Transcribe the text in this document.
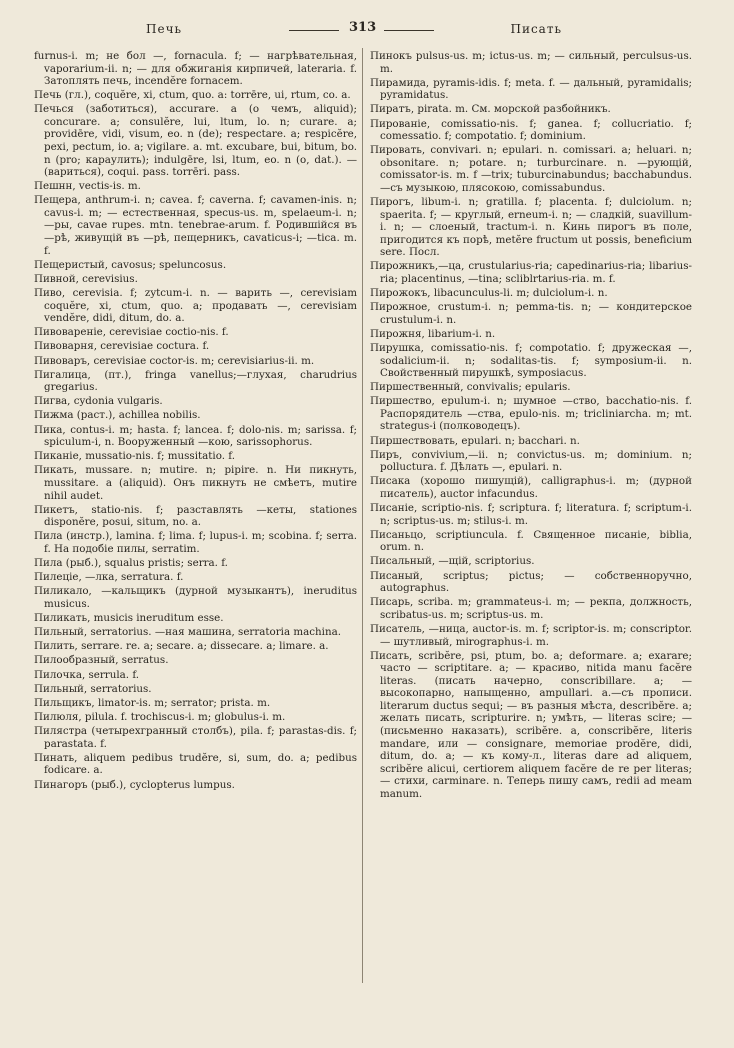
Печь	313	Писать

furnus-i. m; не бол —, fornacula. f; — нагрѣвательная, vaporarium-ii. n; — для обжиганія кирпичей, lateraria. f. Затоплять печь, incendĕre fornacem.

Печь (гл.), coquĕre, xi, ctum, quo. a: torrēre, ui, rtum, co. a.

Печься (заботиться), accurare. a (о чемъ, aliquid); concurare. a; consulĕre, lui, ltum, lo. n; curare. a; providēre, vidi, visum, eo. n (de); respectare. a; respicĕre, pexi, pectum, io. a; vigilare. a. mt. excubare, bui, bitum, bo. n (pro; караулить); indulgēre, lsi, ltum, eo. n (о, dat.). — (вариться), coqui. pass. torrēri. pass.

Пешнн, vectis-is. m.

Пещера, anthrum-i. n; cavea. f; caverna. f; cavamen-inis. n; cavus-i. m; — естественная, specus-us. m, spelaeum-i. n; —ры, cavae rupes. mtn. tenebrae-arum. f. Родившійся въ —рѣ, живущій въ —рѣ, пещерникъ, cavaticus-i; —tica. m. f.

Пещеристый, cavosus; speluncosus.

Пивной, cerevisius.

Пиво, cerevisia. f; zytcum-i. n. — варить —, cerevisiam coquĕre, xi, ctum, quo. a; продавать —, cerevisiam vendĕre, didi, ditum, do. a.

Пивовареніе, cerevisiae coctio-nis. f.

Пивоварня, cerevisiae coctura. f.

Пивоваръ, cerevisiae coctor-is. m; cerevisiarius-ii. m.

Пигалица, (пт.), fringa vanellus;—глухая, charudrius gregarius.

Пигва, cydonia vulgaris.

Пижма (раст.), achillea nobilis.

Пика, contus-i. m; hasta. f; lancea. f; dolo-nis. m; sarissa. f; spiculum-i, n. Вооруженный —кою, sarissophorus.

Пиканіе, mussatio-nis. f; mussitatio. f.

Пикать, mussare. n; mutire. n; pipire. n. Ни пикнуть, mussitare. a (aliquid). Онъ пикнуть не смѣетъ, mutire nihil audet.

Пикетъ, statio-nis. f; разставлять —кеты, stationes disponĕre, posui, situm, no. a.

Пила (инстр.), lamina. f; lima. f; lupus-i. m; scobina. f; serra. f. На подобіе пилы, serratim.

Пила (рыб.), squalus pristis; serra. f.

Пилеціе, —лка, serratura. f.

Пиликало, —кальщикъ (дурной музыкантъ), ineruditus musicus.

Пиликать, musicis ineruditum esse.

Пильный, serratorius. —ная машина, serratoria machina.

Пилить, serrare. re. a; secare. a; dissecare. a; limare. a.

Пилообразный, serratus.

Пилочка, serrula. f.

Пильный, serratorius.

Пильщикъ, limator-is. m; serrator; prista. m.

Пилюля, pilula. f. trochiscus-i. m; globulus-i. m.

Пилястра (четырехгранный столбъ), pila. f; parastas-dis. f; parastata. f.

Пинать, aliquem pedibus trudĕre, si, sum, do. a; pedibus fodicare. a.

Пинагоръ (рыб.), cyclopterus lumpus.

Пинокъ pulsus-us. m; ictus-us. m; — сильный, perculsus-us. m.

Пирамида, pyramis-idis. f; meta. f. — дальный, pyramidalis; pyramidatus.

Пиратъ, pirata. m. См. морской разбойникъ.

Пированіе, comissatio-nis. f; ganea. f; collucriatio. f; comessatio. f; compotatio. f; dominium.

Пировать, convivari. n; epulari. n. comissari. a; heluari. n; obsonitare. n; potare. n; turburcinare. n. —рующій, comissator-is. m. f —trix; tuburcinabundus; bacchabundus.—съ музыкою, плясокою, comissabundus.

Пирогъ, libum-i. n; gratilla. f; placenta. f; dulciolum. n; spaerita. f; — круглый, erneum-i. n; — сладкій, suavillum-i. n; — слоеный, tractum-i. n. Кинь пирогъ въ поле, пригодится къ порѣ, metĕre fructum ut possis, beneficium sere. Посл.

Пирожникъ,—ца, crustularius-ria; capedinarius-ria; libarius-ria; placentinus, —tina; scliblrtarius-ria. m. f.

Пирожокъ, libacunculus-li. m; dulciolum-i. n.

Пирожное, crustum-i. n; pemma-tis. n; — кондитерское crustulum-i. n.

Пирожня, libarium-i. n.

Пирушка, comissatio-nis. f; compotatio. f; дружеская —, sodalicium-ii. n; sodalitas-tis. f; symposium-ii. n. Свойственный пирушкѣ, symposiacus.

Пиршественный, convivalis; epularis.

Пиршество, epulum-i. n; шумное —ство, bacchatio-nis. f. Распорядитель —ства, epulo-nis. m; tricliniarcha. m; mt. strategus-i (полководецъ).

Пиршествовать, epulari. n; bacchari. n.

Пиръ, convivium,—ii. n; convictus-us. m; dominium. n; pollucturа. f. Дѣлать —, epulari. n.

Писака (хорошо пишущій), calligraphus-i. m; (дурной писатель), auctor infacundus.

Писаніе, scriptio-nis. f; scriptura. f; literatura. f; scriptum-i. n; scriptus-us. m; stilus-i. m.

Писаньцо, scriptiuncula. f. Священное писаніе, biblia, orum. n.

Писальный, —щій, scriptorius.

Писаный, scriptus; pictus; — собственноручно, autographus.

Писарь, scriba. m; grammateus-i. m; — рекпа, должность, scribatus-us. m; scriptus-us. m.

Писатель, —ница, auctor-is. m. f; scriptor-is. m; conscriptor.— шутливый, mirographus-i. m.

Писать, scribĕre, psi, ptum, bo. a; deformare. a; exarare; часто — scriptitare. a; — красиво, nitida manu facĕre literas. (писать начерно, conscribillare. a; — высокопарно, напыщенно, ampullari. a.—съ прописи. literarum ductus sequi; — въ разныя мѣста, describĕre. a; желать писать, scripturire. n; умѣть, — literas scire; — (письменно наказать), scribĕre. a, conscribĕre, literis mandare, или — consignare, memoriae prodĕre, didi, ditum, do. a; — къ кому-л., literas dare ad aliquem, scribĕre alicui, certiorem aliquem facĕre de re per literas; — стихи, carminare. n. Теперь пишу самъ, redii ad meam manum.
